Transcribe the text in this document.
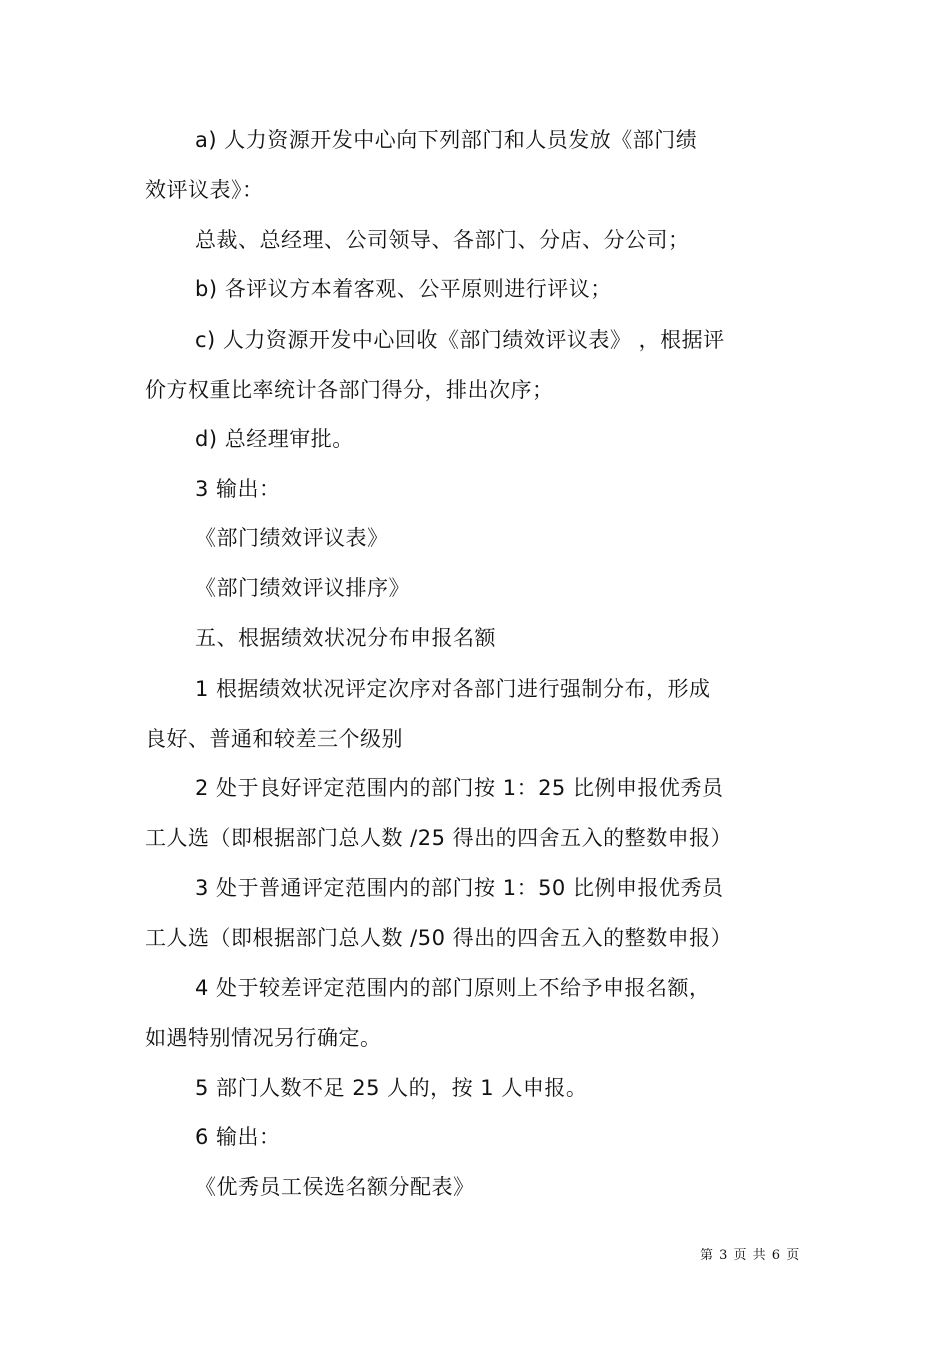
a) 人力资源开发中心向下列部门和人员发放《部门绩
效评议表》：
总裁、总经理、公司领导、各部门、分店、分公司；
b) 各评议方本着客观、公平原则进行评议；
c) 人力资源开发中心回收《部门绩效评议表》 ，根据评
价方权重比率统计各部门得分，排出次序；
d) 总经理审批。
3 输出：
《部门绩效评议表》
《部门绩效评议排序》
五、根据绩效状况分布申报名额
1 根据绩效状况评定次序对各部门进行强制分布，形成
良好、普通和较差三个级别
2 处于良好评定范围内的部门按 1：25 比例申报优秀员
工人选（即根据部门总人数 /25 得出的四舍五入的整数申报）
3 处于普通评定范围内的部门按 1：50 比例申报优秀员
工人选（即根据部门总人数 /50 得出的四舍五入的整数申报）
4 处于较差评定范围内的部门原则上不给予申报名额，
如遇特别情况另行确定。
5 部门人数不足 25 人的，按 1 人申报。
6 输出：
《优秀员工侯选名额分配表》
第 3 页 共 6 页
